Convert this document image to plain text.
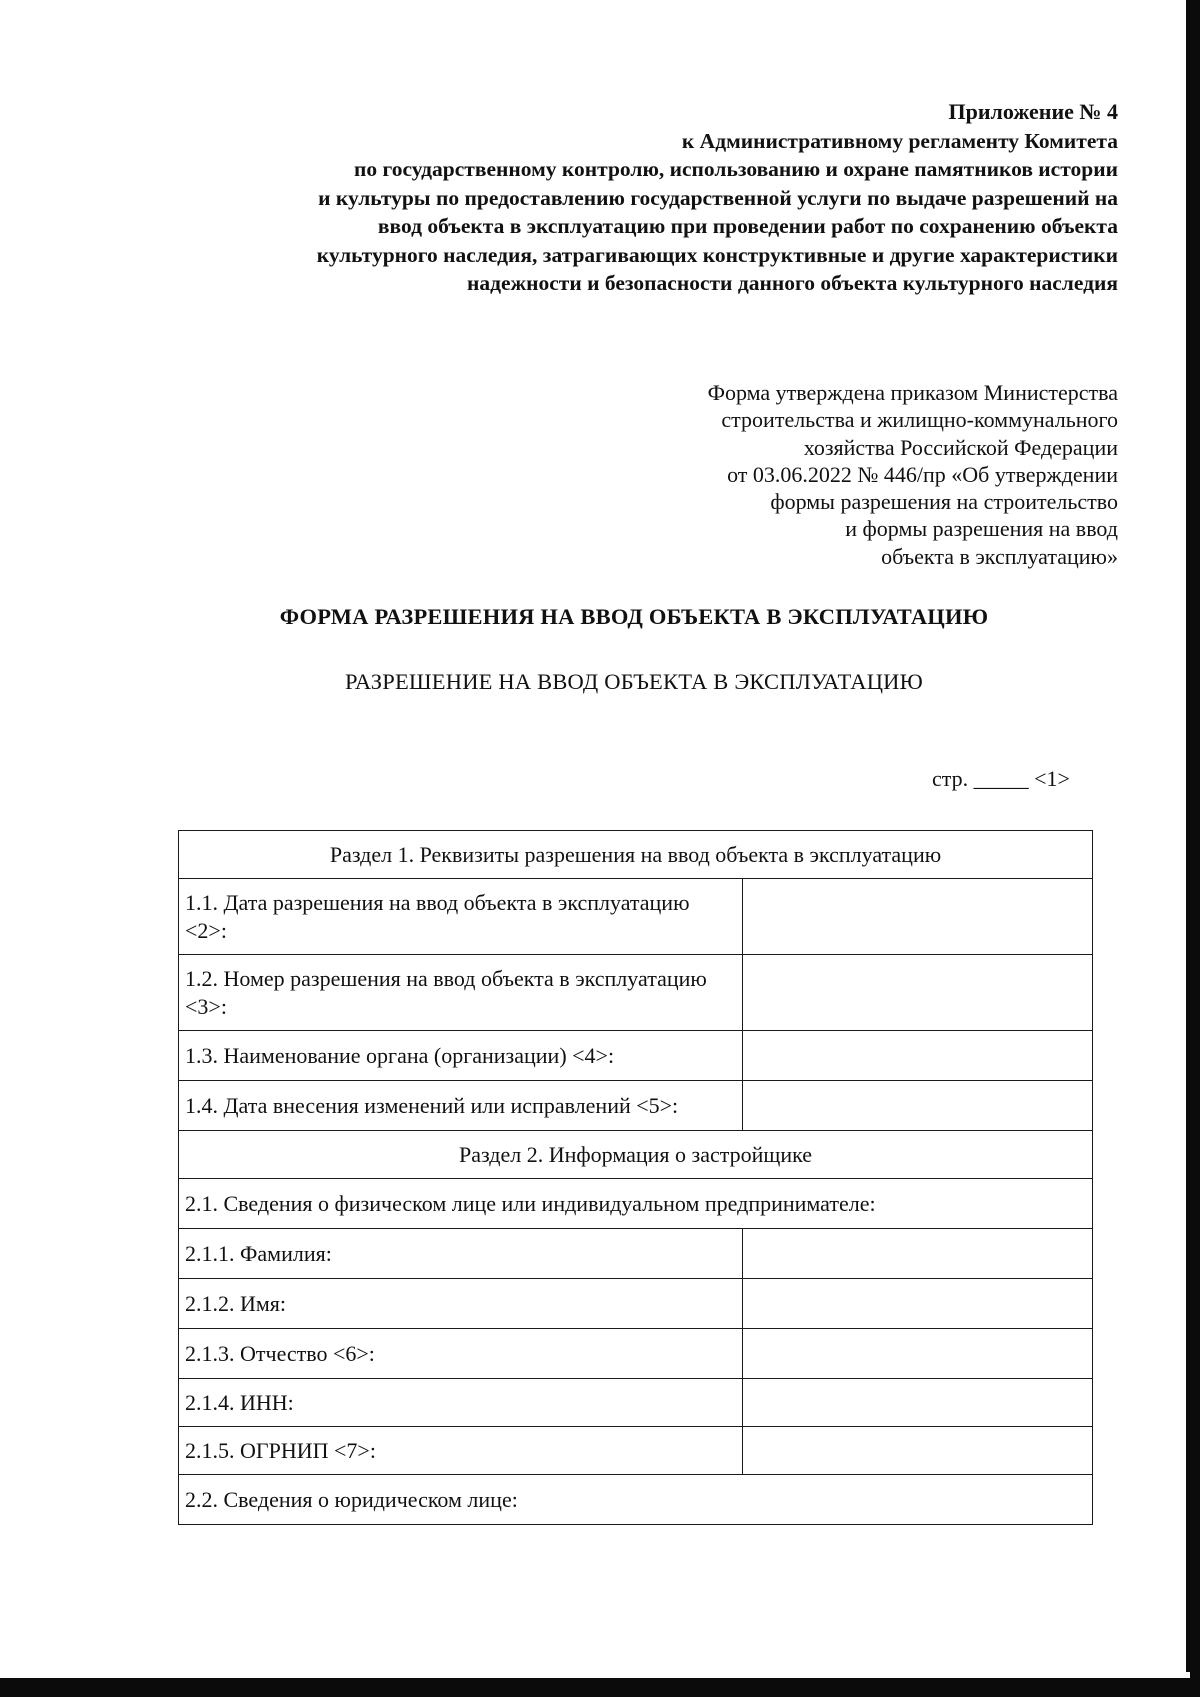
Приложение № 4
к Административному регламенту Комитета
по государственному контролю, использованию и охране памятников истории
и культуры по предоставлению государственной услуги по выдаче разрешений на
ввод объекта в эксплуатацию при проведении работ по сохранению объекта
культурного наследия, затрагивающих конструктивные и другие характеристики
надежности и безопасности данного объекта культурного наследия
Форма утверждена приказом Министерства
строительства и жилищно-коммунального
хозяйства Российской Федерации
от 03.06.2022 № 446/пр «Об утверждении
формы разрешения на строительство
и формы разрешения на ввод
объекта в эксплуатацию»
ФОРМА РАЗРЕШЕНИЯ НА ВВОД ОБЪЕКТА В ЭКСПЛУАТАЦИЮ
РАЗРЕШЕНИЕ НА ВВОД ОБЪЕКТА В ЭКСПЛУАТАЦИЮ
стр. _____ <1>
Раздел 1. Реквизиты разрешения на ввод объекта в эксплуатацию	
1.1. Дата разрешения на ввод объекта в эксплуатацию <2>:	
1.2. Номер разрешения на ввод объекта в эксплуатацию <3>:	
1.3. Наименование органа (организации) <4>:	
1.4. Дата внесения изменений или исправлений <5>:	
Раздел 2. Информация о застройщике	
2.1. Сведения о физическом лице или индивидуальном предпринимателе:	
2.1.1. Фамилия:	
2.1.2. Имя:	
2.1.3. Отчество <6>:	
2.1.4. ИНН:	
2.1.5. ОГРНИП <7>:	
2.2. Сведения о юридическом лице:	
